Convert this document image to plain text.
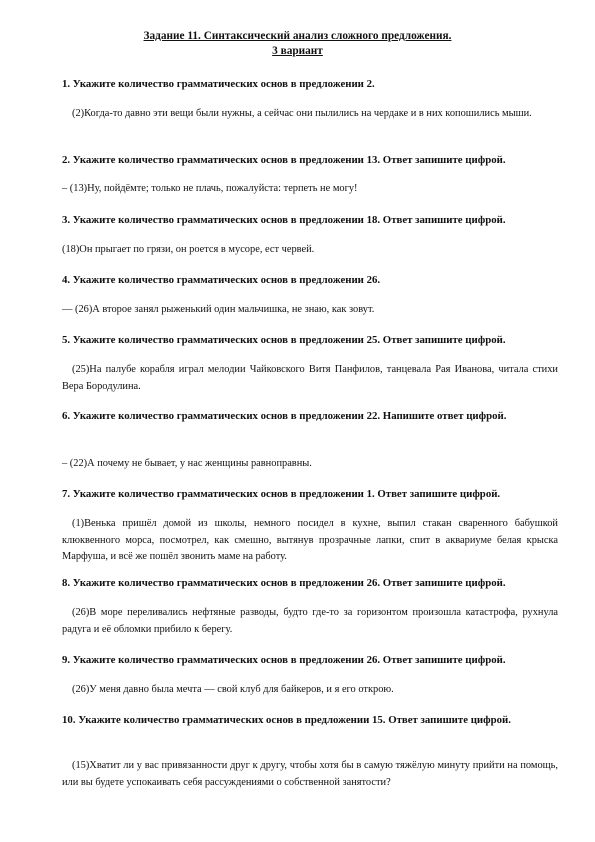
Задание 11. Синтаксический анализ сложного предложения.
3 вариант
1. Укажите количество грамматических основ в предложении 2.
(2)Когда-то давно эти вещи были нужны, а сейчас они пылились на чердаке и в них копошились мыши.
2. Укажите количество грамматических основ в предложении 13. Ответ запишите цифрой.
– (13)Ну, пойдёмте; только не плачь, пожалуйста: терпеть не могу!
3. Укажите количество грамматических основ в предложении 18. Ответ запишите цифрой.
(18)Он прыгает по грязи, он роется в мусоре, ест червей.
4. Укажите количество грамматических основ в предложении 26.
— (26)А второе занял рыженький один мальчишка, не знаю, как зовут.
5. Укажите количество грамматических основ в предложении 25. Ответ запишите цифрой.
(25)На палубе корабля играл мелодии Чайковского Витя Панфилов, танцевала Рая Иванова, читала стихи Вера Бородулина.
6. Укажите количество грамматических основ в предложении 22. Напишите ответ цифрой.
– (22)А почему не бывает, у нас женщины равноправны.
7. Укажите количество грамматических основ в предложении 1. Ответ запишите цифрой.
(1)Венька пришёл домой из школы, немного посидел в кухне, выпил стакан сваренного бабушкой клюквенного морса, посмотрел, как смешно, вытянув прозрачные лапки, спит в аквариуме белая крыска Марфуша, и всё же пошёл звонить маме на работу.
8. Укажите количество грамматических основ в предложении 26. Ответ запишите цифрой.
(26)В море переливались нефтяные разводы, будто где-то за горизонтом произошла катастрофа, рухнула радуга и её обломки прибило к берегу.
9. Укажите количество грамматических основ в предложении 26. Ответ запишите цифрой.
(26)У меня давно была мечта — свой клуб для байкеров, и я его открою.
10. Укажите количество грамматических основ в предложении 15. Ответ запишите цифрой.
(15)Хватит ли у вас привязанности друг к другу, чтобы хотя бы в самую тяжёлую минуту прийти на помощь, или вы будете успокаивать себя рассуждениями о собственной занятости?
